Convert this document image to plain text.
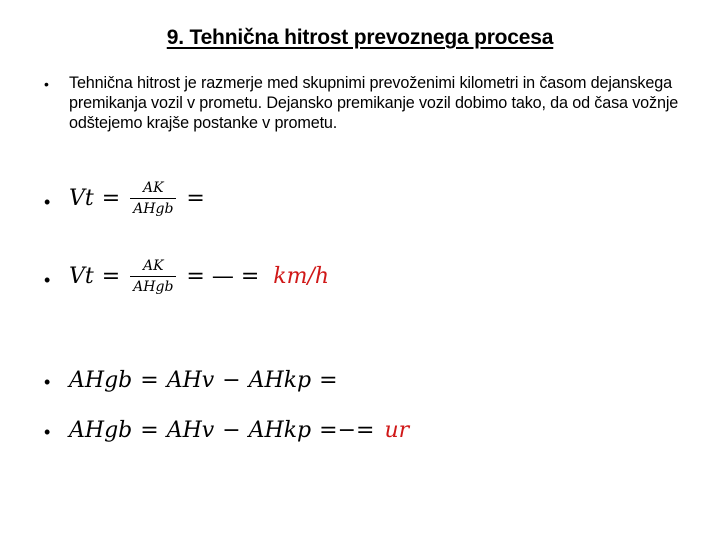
9. Tehnična hitrost prevoznega procesa
• Tehnična hitrost je razmerje med skupnimi prevoženimi kilometri in časom dejanskega premikanja vozil v prometu. Dejansko premikanje vozil dobimo tako, da od časa vožnje odštejemo krajše postanke v prometu.
• $Vt = \frac{AK}{\text{AHgb}}$ =
• $Vt = \frac{AK}{\text{AHgb}}$ = — = km/h
• AHgb = AHv − AHkp =
• AHgb = AHv − AHkp =−= ur
